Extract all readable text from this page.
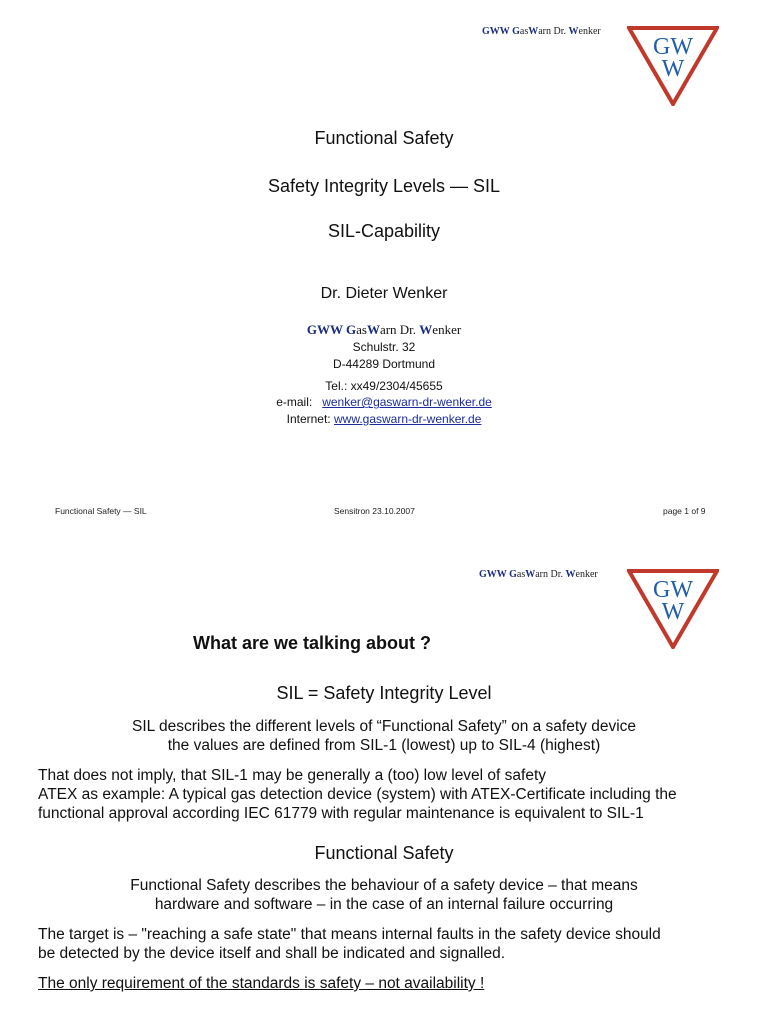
GWW GasWarn Dr. Wenker
GW
W
Functional Safety
Safety Integrity Levels — SIL
SIL-Capability
Dr. Dieter Wenker
GWW GasWarn Dr. Wenker
Schulstr. 32
D-44289 Dortmund
Tel.: xx49/2304/45655
e-mail: wenker@gaswarn-dr-wenker.de
Internet: www.gaswarn-dr-wenker.de
Functional Safety — SIL	Sensitron 23.10.2007	page 1 of 9
GWW GasWarn Dr. Wenker
GW
W
What are we talking about ?
SIL = Safety Integrity Level
SIL describes the different levels of “Functional Safety” on a safety device
the values are defined from SIL-1 (lowest) up to SIL-4 (highest)
That does not imply, that SIL-1 may be generally a (too) low level of safety
ATEX as example: A typical gas detection device (system) with ATEX-Certificate including the
functional approval according IEC 61779 with regular maintenance is equivalent to SIL-1
Functional Safety
Functional Safety describes the behaviour of a safety device – that means
hardware and software – in the case of an internal failure occurring
The target is – "reaching a safe state" that means internal faults in the safety device should
be detected by the device itself and shall be indicated and signalled.
The only requirement of the standards is safety – not availability !
